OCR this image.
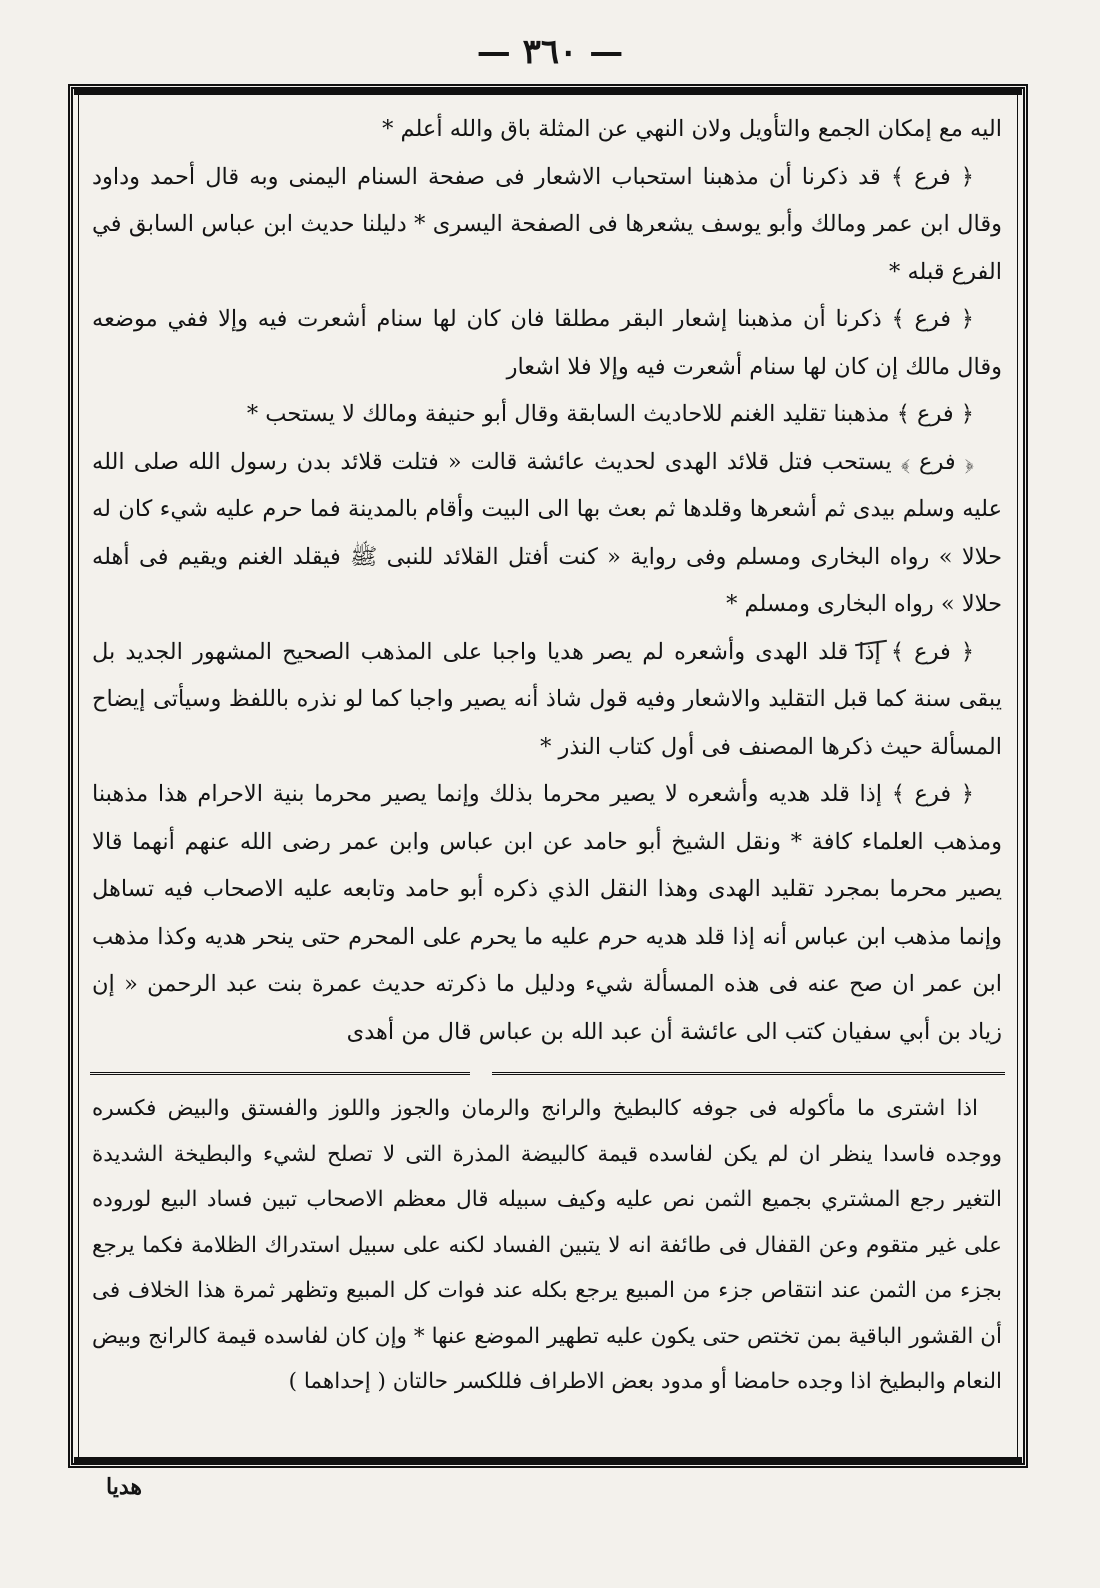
— ٣٦٠ —

اليه مع إمكان الجمع والتأويل ولان النهي عن المثلة باق والله أعلم *

﴿ فرع ﴾ قد ذكرنا أن مذهبنا استحباب الاشعار فى صفحة السنام اليمنى وبه قال أحمد وداود وقال ابن عمر ومالك وأبو يوسف يشعرها فى الصفحة اليسرى * دليلنا حديث ابن عباس السابق في الفرع قبله *

﴿ فرع ﴾ ذكرنا أن مذهبنا إشعار البقر مطلقا فان كان لها سنام أشعرت فيه وإلا ففي موضعه وقال مالك إن كان لها سنام أشعرت فيه وإلا فلا اشعار

﴿ فرع ﴾ مذهبنا تقليد الغنم للاحاديث السابقة وقال أبو حنيفة ومالك لا يستحب *

﴿ فرع ﴾ يستحب فتل قلائد الهدى لحديث عائشة قالت « فتلت قلائد بدن رسول الله صلى الله عليه وسلم بيدى ثم أشعرها وقلدها ثم بعث بها الى البيت وأقام بالمدينة فما حرم عليه شيء كان له حلالا » رواه البخارى ومسلم وفى رواية « كنت أفتل القلائد للنبى ﷺ فيقلد الغنم ويقيم فى أهله حلالا » رواه البخارى ومسلم *

﴿ فرع ﴾ إذا قلد الهدى وأشعره لم يصر هديا واجبا على المذهب الصحيح المشهور الجديد بل يبقى سنة كما قبل التقليد والاشعار وفيه قول شاذ أنه يصير واجبا كما لو نذره باللفظ وسيأتى إيضاح المسألة حيث ذكرها المصنف فى أول كتاب النذر *

﴿ فرع ﴾ إذا قلد هديه وأشعره لا يصير محرما بذلك وإنما يصير محرما بنية الاحرام هذا مذهبنا ومذهب العلماء كافة * ونقل الشيخ أبو حامد عن ابن عباس وابن عمر رضى الله عنهم أنهما قالا يصير محرما بمجرد تقليد الهدى وهذا النقل الذي ذكره أبو حامد وتابعه عليه الاصحاب فيه تساهل وإنما مذهب ابن عباس أنه إذا قلد هديه حرم عليه ما يحرم على المحرم حتى ينحر هديه وكذا مذهب ابن عمر ان صح عنه فى هذه المسألة شيء ودليل ما ذكرته حديث عمرة بنت عبد الرحمن « إن زياد بن أبي سفيان كتب الى عائشة أن عبد الله بن عباس قال من أهدى

اذا اشترى ما مأكوله فى جوفه كالبطيخ والرانج والرمان والجوز واللوز والفستق والبيض فكسره ووجده فاسدا ينظر ان لم يكن لفاسده قيمة كالبيضة المذرة التى لا تصلح لشيء والبطيخة الشديدة التغير رجع المشتري بجميع الثمن نص عليه وكيف سبيله قال معظم الاصحاب تبين فساد البيع لوروده على غير متقوم وعن القفال فى طائفة انه لا يتبين الفساد لكنه على سبيل استدراك الظلامة فكما يرجع بجزء من الثمن عند انتقاص جزء من المبيع يرجع بكله عند فوات كل المبيع وتظهر ثمرة هذا الخلاف فى أن القشور الباقية بمن تختص حتى يكون عليه تطهير الموضع عنها * وإن كان لفاسده قيمة كالرانج وبيض النعام والبطيخ اذا وجده حامضا أو مدود بعض الاطراف فللكسر حالتان ( إحداهما )

هديا
